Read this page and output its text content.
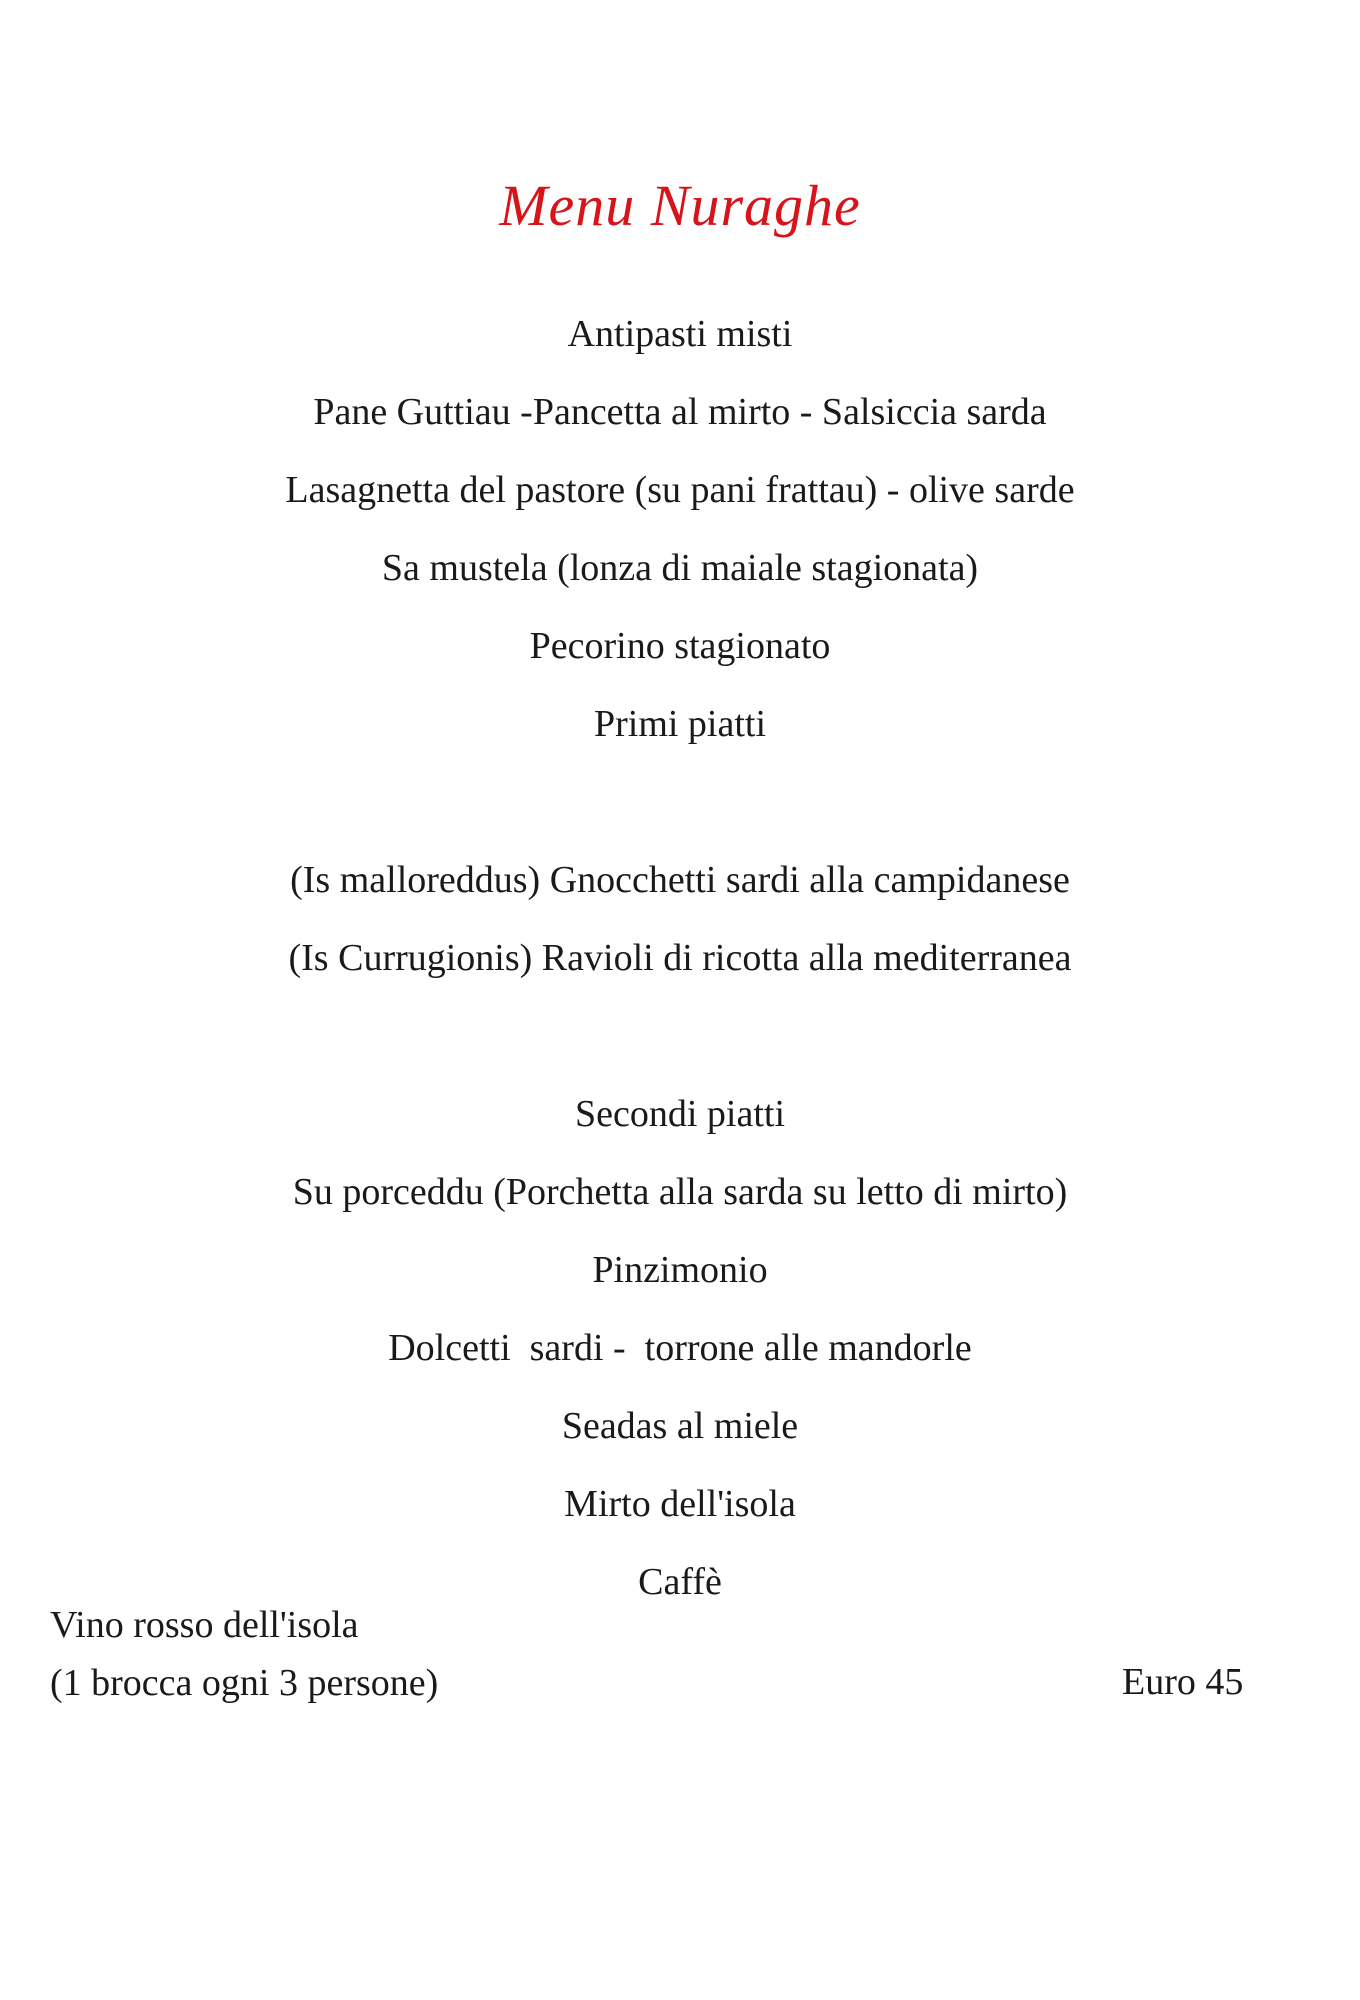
Menu Nuraghe
Antipasti misti
Pane Guttiau -Pancetta al mirto - Salsiccia sarda
Lasagnetta del pastore (su pani frattau) - olive sarde
Sa mustela (lonza di maiale stagionata)
Pecorino stagionato
Primi piatti
(Is malloreddus) Gnocchetti sardi alla campidanese
(Is Currugionis) Ravioli di ricotta alla mediterranea
Secondi piatti
Su porceddu (Porchetta alla sarda su letto di mirto)
Pinzimonio
Dolcetti  sardi -  torrone alle mandorle
Seadas al miele
Mirto dell'isola
Caffè
Vino rosso dell'isola
(1 brocca ogni 3 persone)	Euro 45
